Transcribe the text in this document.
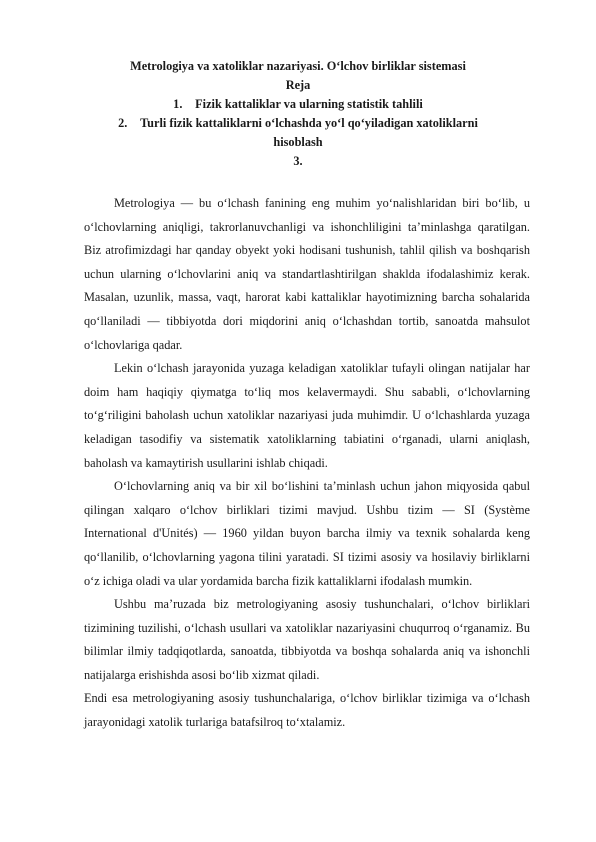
Metrologiya va xatoliklar nazariyasi. O‘lchov birliklar sistemasi
Reja
1. Fizik kattaliklar va ularning statistik tahlili
2. Turli fizik kattaliklarni o‘lchashda yo‘l qo‘yiladigan xatoliklarni
hisoblash
3.

Metrologiya — bu o‘lchash fanining eng muhim yo‘nalishlaridan biri bo‘lib, u o‘lchovlarning aniqligi, takrorlanuvchanligi va ishonchliligini ta’minlashga qaratilgan. Biz atrofimizdagi har qanday obyekt yoki hodisani tushunish, tahlil qilish va boshqarish uchun ularning o‘lchovlarini aniq va standartlashtirilgan shaklda ifodalashimiz kerak. Masalan, uzunlik, massa, vaqt, harorat kabi kattaliklar hayotimizning barcha sohalarida qo‘llaniladi — tibbiyotda dori miqdorini aniq o‘lchashdan tortib, sanoatda mahsulot o‘lchovlariga qadar.

Lekin o‘lchash jarayonida yuzaga keladigan xatoliklar tufayli olingan natijalar har doim ham haqiqiy qiymatga to‘liq mos kelavermaydi. Shu sababli, o‘lchovlarning to‘g‘riligini baholash uchun xatoliklar nazariyasi juda muhimdir. U o‘lchashlarda yuzaga keladigan tasodifiy va sistematik xatoliklarning tabiatini o‘rganadi, ularni aniqlash, baholash va kamaytirish usullarini ishlab chiqadi.

O‘lchovlarning aniq va bir xil bo‘lishini ta’minlash uchun jahon miqyosida qabul qilingan xalqaro o‘lchov birliklari tizimi mavjud. Ushbu tizim — SI (Système International d'Unités) — 1960 yildan buyon barcha ilmiy va texnik sohalarda keng qo‘llanilib, o‘lchovlarning yagona tilini yaratadi. SI tizimi asosiy va hosilaviy birliklarni o‘z ichiga oladi va ular yordamida barcha fizik kattaliklarni ifodalash mumkin.

Ushbu ma’ruzada biz metrologiyaning asosiy tushunchalari, o‘lchov birliklari tizimining tuzilishi, o‘lchash usullari va xatoliklar nazariyasini chuqurroq o‘rganamiz. Bu bilimlar ilmiy tadqiqotlarda, sanoatda, tibbiyotda va boshqa sohalarda aniq va ishonchli natijalarga erishishda asosi bo‘lib xizmat qiladi.

Endi esa metrologiyaning asosiy tushunchalariga, o‘lchov birliklar tizimiga va o‘lchash jarayonidagi xatolik turlariga batafsilroq to‘xtalamiz.
